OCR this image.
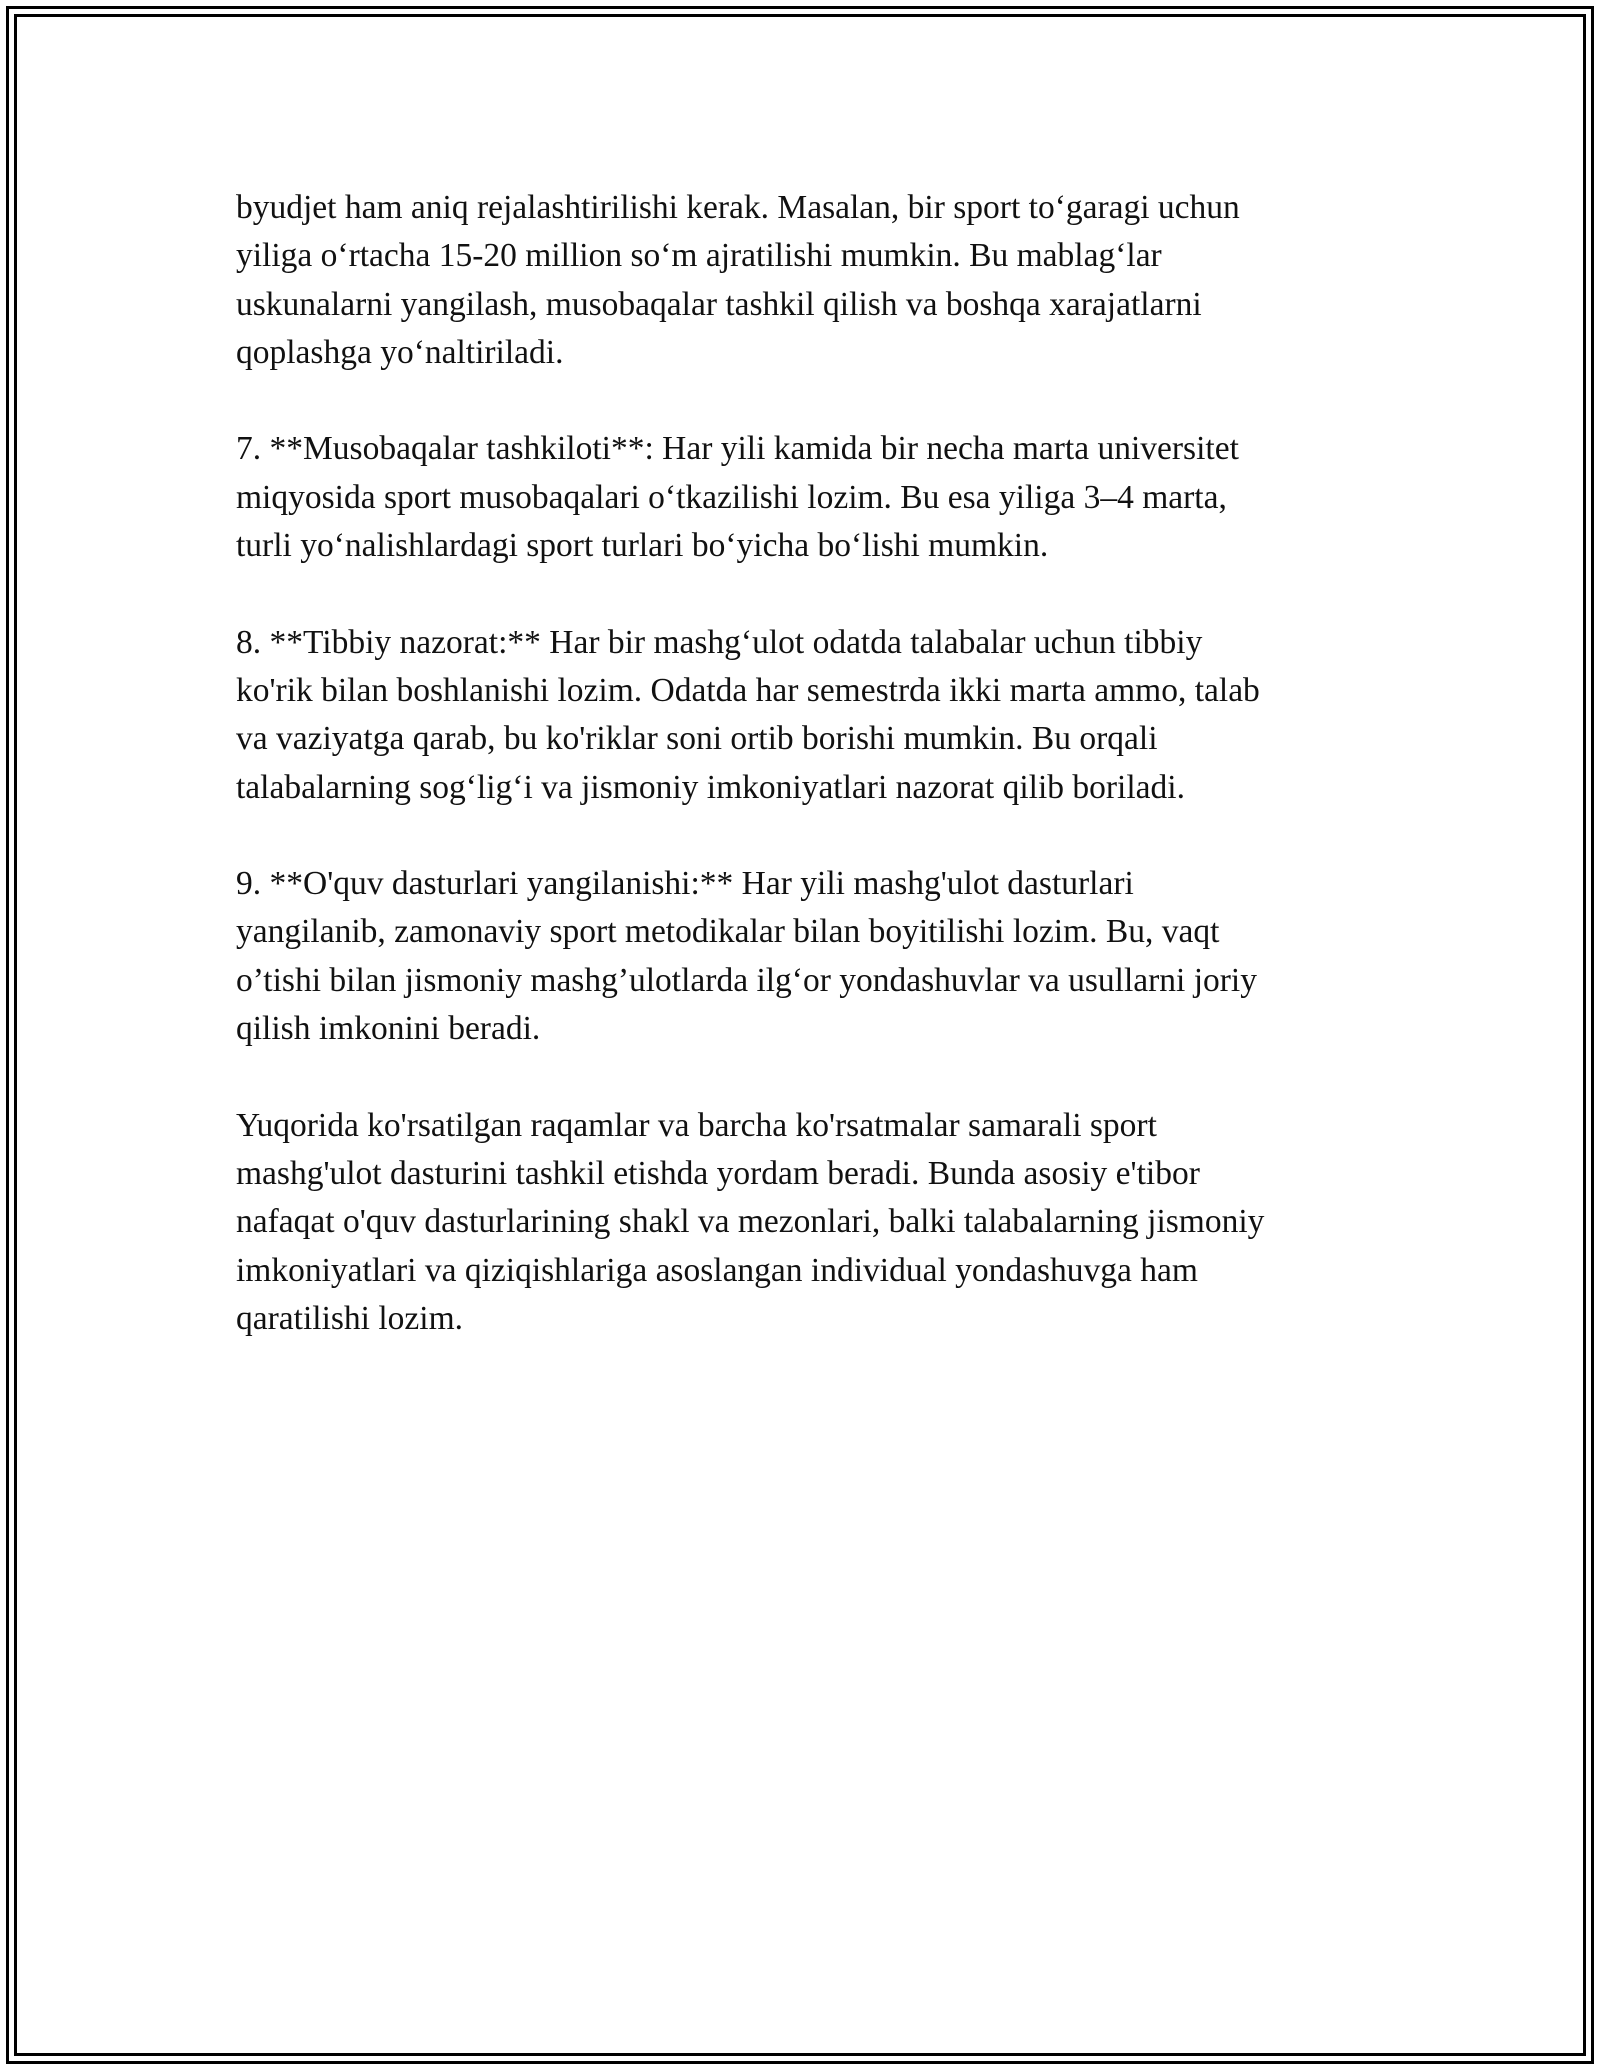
byudjet ham aniq rejalashtirilishi kerak. Masalan, bir sport to‘garagi uchun
yiliga o‘rtacha 15-20 million so‘m ajratilishi mumkin. Bu mablag‘lar
uskunalarni yangilash, musobaqalar tashkil qilish va boshqa xarajatlarni
qoplashga yo‘naltiriladi.

7. **Musobaqalar tashkiloti**: Har yili kamida bir necha marta universitet
miqyosida sport musobaqalari o‘tkazilishi lozim. Bu esa yiliga 3–4 marta,
turli yo‘nalishlardagi sport turlari bo‘yicha bo‘lishi mumkin.

8. **Tibbiy nazorat:** Har bir mashg‘ulot odatda talabalar uchun tibbiy
ko'rik bilan boshlanishi lozim. Odatda har semestrda ikki marta ammo, talab
va vaziyatga qarab, bu ko'riklar soni ortib borishi mumkin. Bu orqali
talabalarning sog‘lig‘i va jismoniy imkoniyatlari nazorat qilib boriladi.

9. **O'quv dasturlari yangilanishi:** Har yili mashg'ulot dasturlari
yangilanib, zamonaviy sport metodikalar bilan boyitilishi lozim. Bu, vaqt
o’tishi bilan jismoniy mashg’ulotlarda ilg‘or yondashuvlar va usullarni joriy
qilish imkonini beradi.

Yuqorida ko'rsatilgan raqamlar va barcha ko'rsatmalar samarali sport
mashg'ulot dasturini tashkil etishda yordam beradi. Bunda asosiy e'tibor
nafaqat o'quv dasturlarining shakl va mezonlari, balki talabalarning jismoniy
imkoniyatlari va qiziqishlariga asoslangan individual yondashuvga ham
qaratilishi lozim.
